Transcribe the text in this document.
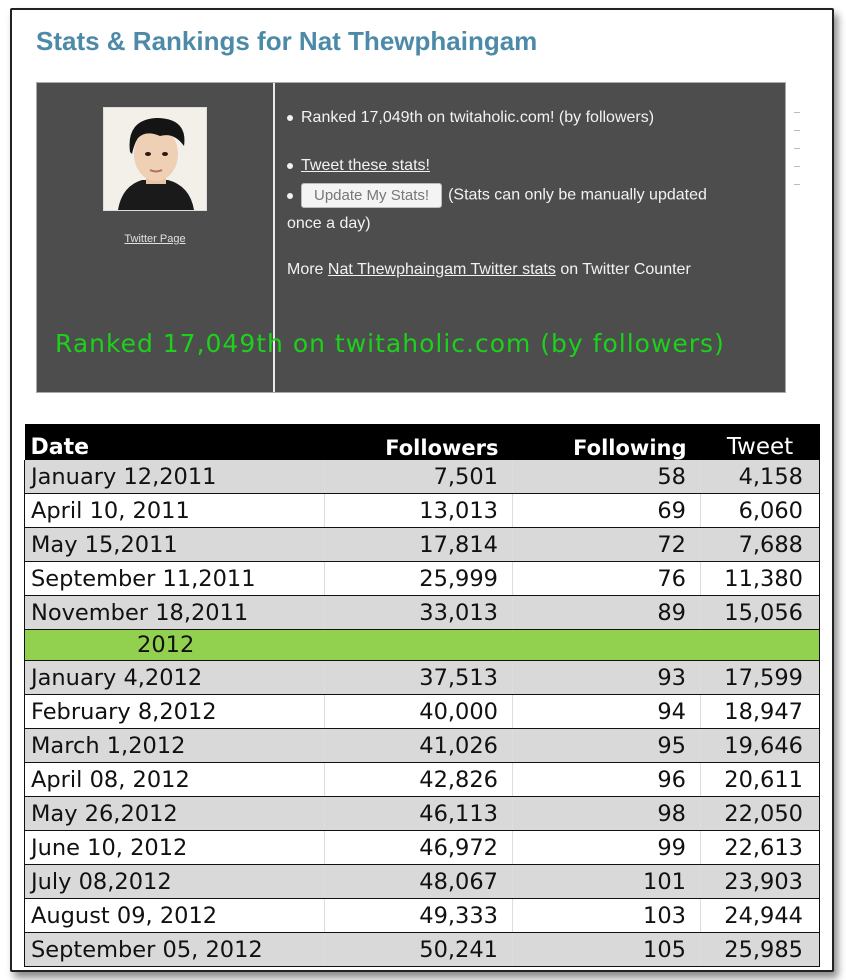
Stats & Rankings for Nat Thewphaingam
Twitter Page
Ranked 17,049th on twitaholic.com! (by followers)
Tweet these stats!
Update My Stats! (Stats can only be manually updated
once a day)
More Nat Thewphaingam Twitter stats on Twitter Counter
Ranked 17,049th on twitaholic.com (by followers)
Date	Followers	Following	Tweet
January 12,2011	7,501	58	4,158
April 10, 2011	13,013	69	6,060
May 15,2011	17,814	72	7,688
September 11,2011	25,999	76	11,380
November 18,2011	33,013	89	15,056
2012			
January 4,2012	37,513	93	17,599
February 8,2012	40,000	94	18,947
March 1,2012	41,026	95	19,646
April 08, 2012	42,826	96	20,611
May 26,2012	46,113	98	22,050
June 10, 2012	46,972	99	22,613
July 08,2012	48,067	101	23,903
August 09, 2012	49,333	103	24,944
September 05, 2012	50,241	105	25,985
